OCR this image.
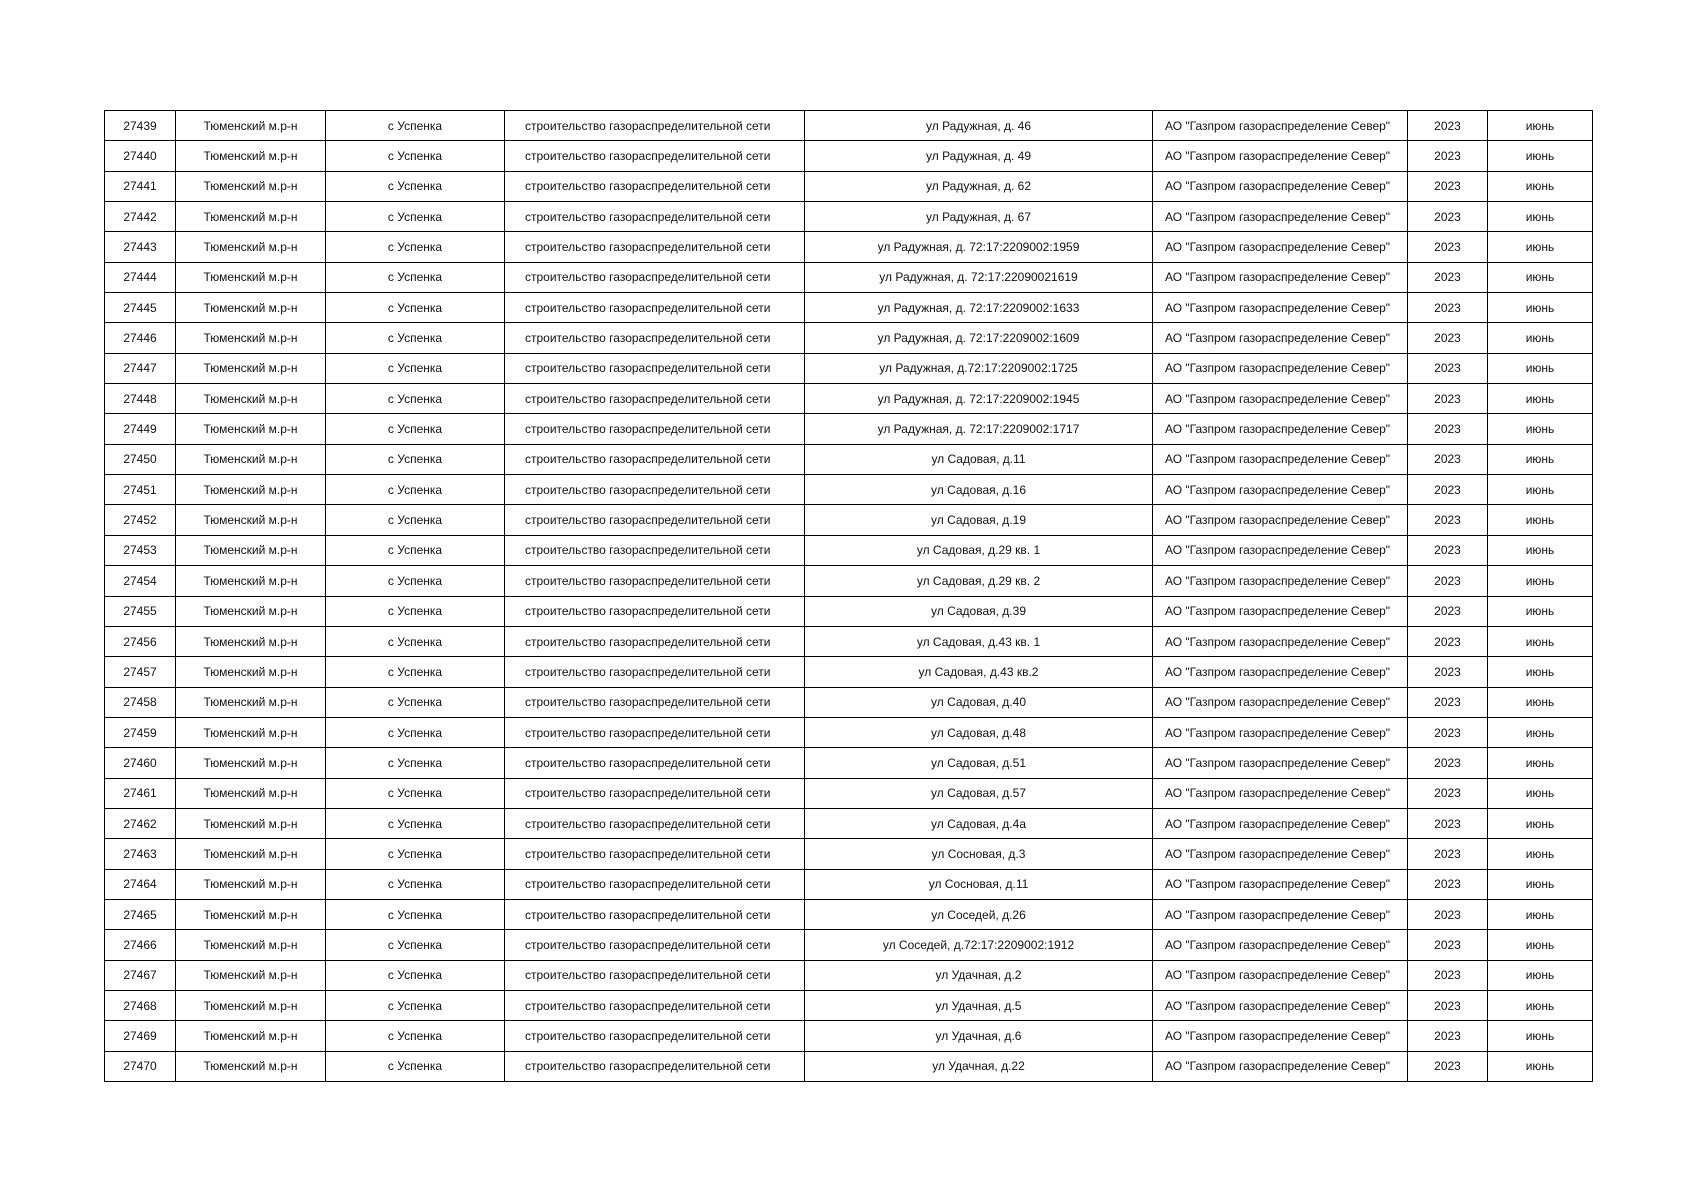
27439	Тюменский м.р-н	с Успенка	строительство газораспределительной сети	ул Радужная, д. 46	АО "Газпром газораспределение Север"	2023	июнь
27440	Тюменский м.р-н	с Успенка	строительство газораспределительной сети	ул Радужная, д. 49	АО "Газпром газораспределение Север"	2023	июнь
27441	Тюменский м.р-н	с Успенка	строительство газораспределительной сети	ул Радужная, д. 62	АО "Газпром газораспределение Север"	2023	июнь
27442	Тюменский м.р-н	с Успенка	строительство газораспределительной сети	ул Радужная, д. 67	АО "Газпром газораспределение Север"	2023	июнь
27443	Тюменский м.р-н	с Успенка	строительство газораспределительной сети	ул Радужная, д. 72:17:2209002:1959	АО "Газпром газораспределение Север"	2023	июнь
27444	Тюменский м.р-н	с Успенка	строительство газораспределительной сети	ул Радужная, д. 72:17:22090021619	АО "Газпром газораспределение Север"	2023	июнь
27445	Тюменский м.р-н	с Успенка	строительство газораспределительной сети	ул Радужная, д. 72:17:2209002:1633	АО "Газпром газораспределение Север"	2023	июнь
27446	Тюменский м.р-н	с Успенка	строительство газораспределительной сети	ул Радужная, д. 72:17:2209002:1609	АО "Газпром газораспределение Север"	2023	июнь
27447	Тюменский м.р-н	с Успенка	строительство газораспределительной сети	ул Радужная, д.72:17:2209002:1725	АО "Газпром газораспределение Север"	2023	июнь
27448	Тюменский м.р-н	с Успенка	строительство газораспределительной сети	ул Радужная, д. 72:17:2209002:1945	АО "Газпром газораспределение Север"	2023	июнь
27449	Тюменский м.р-н	с Успенка	строительство газораспределительной сети	ул Радужная, д. 72:17:2209002:1717	АО "Газпром газораспределение Север"	2023	июнь
27450	Тюменский м.р-н	с Успенка	строительство газораспределительной сети	ул Садовая, д.11	АО "Газпром газораспределение Север"	2023	июнь
27451	Тюменский м.р-н	с Успенка	строительство газораспределительной сети	ул Садовая, д.16	АО "Газпром газораспределение Север"	2023	июнь
27452	Тюменский м.р-н	с Успенка	строительство газораспределительной сети	ул Садовая, д.19	АО "Газпром газораспределение Север"	2023	июнь
27453	Тюменский м.р-н	с Успенка	строительство газораспределительной сети	ул Садовая, д.29 кв. 1	АО "Газпром газораспределение Север"	2023	июнь
27454	Тюменский м.р-н	с Успенка	строительство газораспределительной сети	ул Садовая, д.29 кв. 2	АО "Газпром газораспределение Север"	2023	июнь
27455	Тюменский м.р-н	с Успенка	строительство газораспределительной сети	ул Садовая, д.39	АО "Газпром газораспределение Север"	2023	июнь
27456	Тюменский м.р-н	с Успенка	строительство газораспределительной сети	ул Садовая, д.43 кв. 1	АО "Газпром газораспределение Север"	2023	июнь
27457	Тюменский м.р-н	с Успенка	строительство газораспределительной сети	ул Садовая, д.43 кв.2	АО "Газпром газораспределение Север"	2023	июнь
27458	Тюменский м.р-н	с Успенка	строительство газораспределительной сети	ул Садовая, д.40	АО "Газпром газораспределение Север"	2023	июнь
27459	Тюменский м.р-н	с Успенка	строительство газораспределительной сети	ул Садовая, д.48	АО "Газпром газораспределение Север"	2023	июнь
27460	Тюменский м.р-н	с Успенка	строительство газораспределительной сети	ул Садовая, д.51	АО "Газпром газораспределение Север"	2023	июнь
27461	Тюменский м.р-н	с Успенка	строительство газораспределительной сети	ул Садовая, д.57	АО "Газпром газораспределение Север"	2023	июнь
27462	Тюменский м.р-н	с Успенка	строительство газораспределительной сети	ул Садовая, д.4а	АО "Газпром газораспределение Север"	2023	июнь
27463	Тюменский м.р-н	с Успенка	строительство газораспределительной сети	ул Сосновая, д.3	АО "Газпром газораспределение Север"	2023	июнь
27464	Тюменский м.р-н	с Успенка	строительство газораспределительной сети	ул Сосновая, д.11	АО "Газпром газораспределение Север"	2023	июнь
27465	Тюменский м.р-н	с Успенка	строительство газораспределительной сети	ул Соседей, д.26	АО "Газпром газораспределение Север"	2023	июнь
27466	Тюменский м.р-н	с Успенка	строительство газораспределительной сети	ул Соседей, д.72:17:2209002:1912	АО "Газпром газораспределение Север"	2023	июнь
27467	Тюменский м.р-н	с Успенка	строительство газораспределительной сети	ул Удачная, д.2	АО "Газпром газораспределение Север"	2023	июнь
27468	Тюменский м.р-н	с Успенка	строительство газораспределительной сети	ул Удачная, д.5	АО "Газпром газораспределение Север"	2023	июнь
27469	Тюменский м.р-н	с Успенка	строительство газораспределительной сети	ул Удачная, д.6	АО "Газпром газораспределение Север"	2023	июнь
27470	Тюменский м.р-н	с Успенка	строительство газораспределительной сети	ул Удачная, д.22	АО "Газпром газораспределение Север"	2023	июнь
